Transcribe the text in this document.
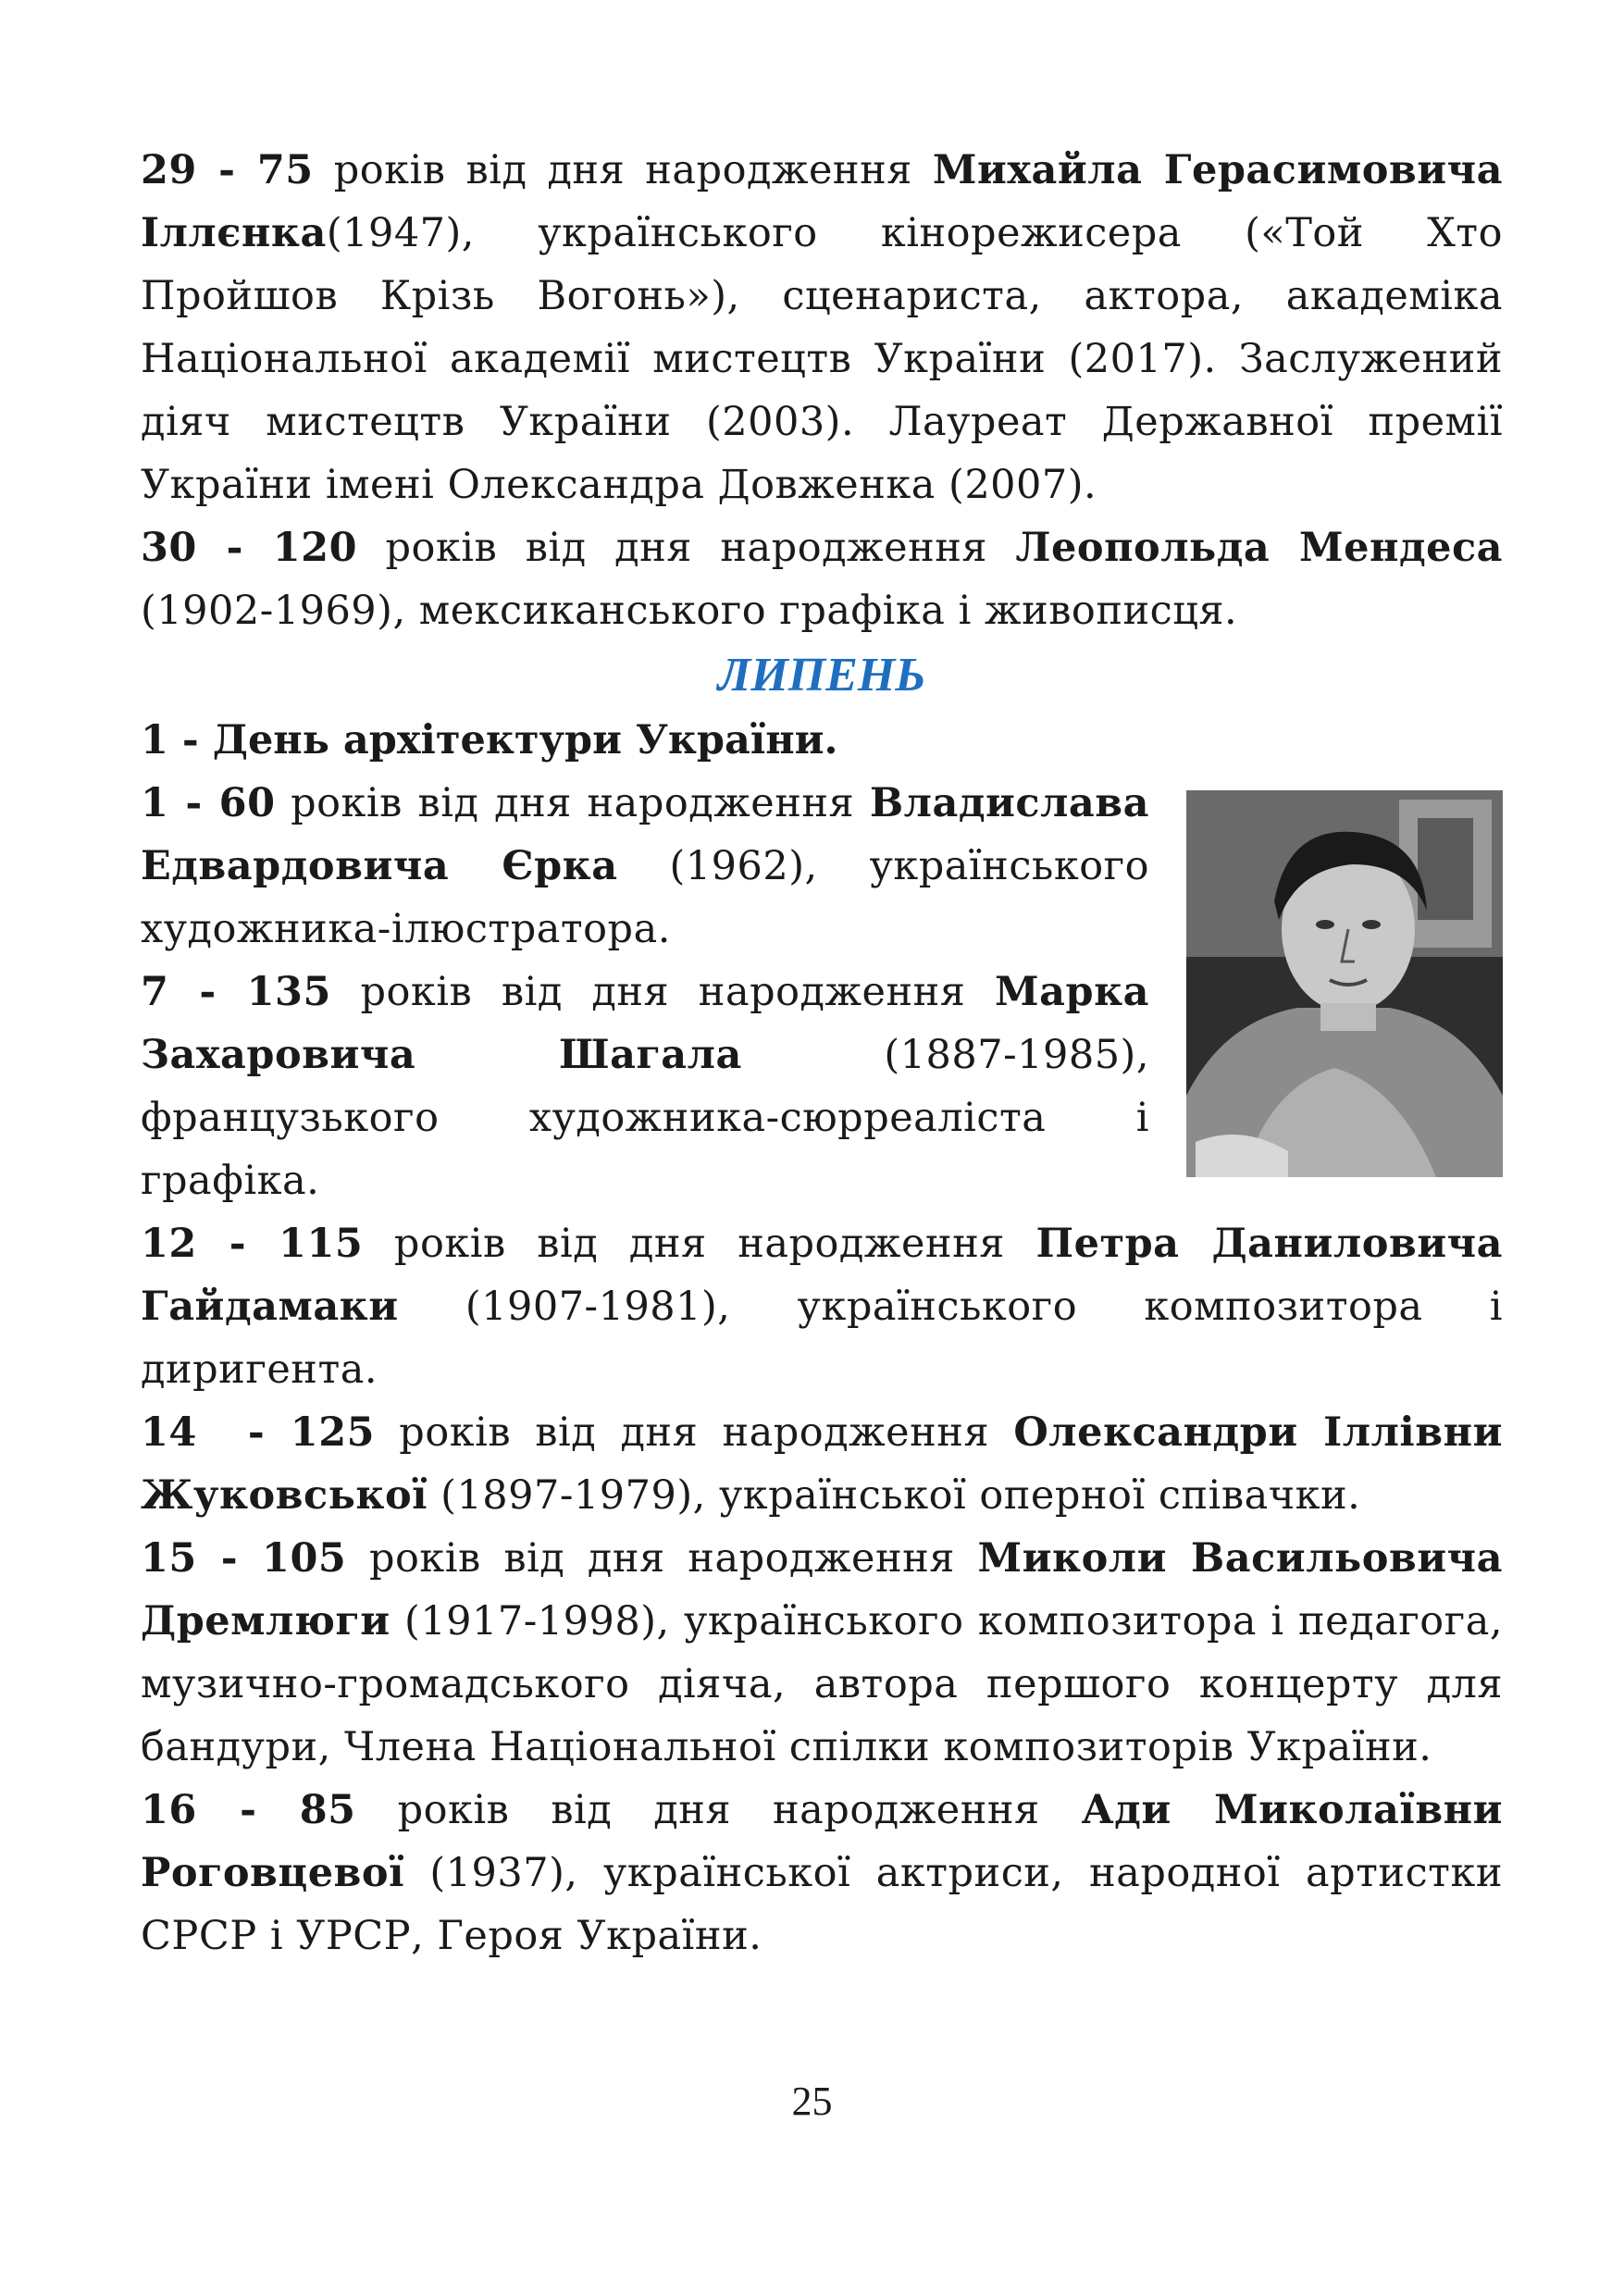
29 - 75 років від дня народження Михайла Герасимовича Іллєнка(1947), українського кінорежисера («Той Хто Пройшов Крізь Вогонь»), сценариста, актора, академіка Національної академії мистецтв України (2017). Заслужений діяч мистецтв України (2003). Лауреат Державної премії України імені Олександра Довженка (2007).

30 - 120 років від дня народження Леопольда Мендеса (1902-1969), мексиканського графіка і живописця.

ЛИПЕНЬ

1 - День архітектури України.

1 - 60 років від дня народження Владислава Едвардовича Єрка (1962), українського художника-ілюстратора.

7 - 135 років від дня народження Марка Захаровича Шагала (1887-1985), французького художника-сюрреаліста і графіка.

12 - 115 років від дня народження Петра Даниловича Гайдамаки (1907-1981), українського композитора і диригента.

14  - 125 років від дня народження Олександри Іллівни Жуковської (1897-1979), української оперної співачки.

15 - 105 років від дня народження Миколи Васильовича Дремлюги (1917-1998), українського композитора і педагога, музично-громадського діяча, автора першого концерту для бандури, Члена Національної спілки композиторів України.

16 - 85 років від дня народження Ади Миколаївни Роговцевої (1937), української актриси, народної артистки СРСР і УРСР, Героя України.

25
